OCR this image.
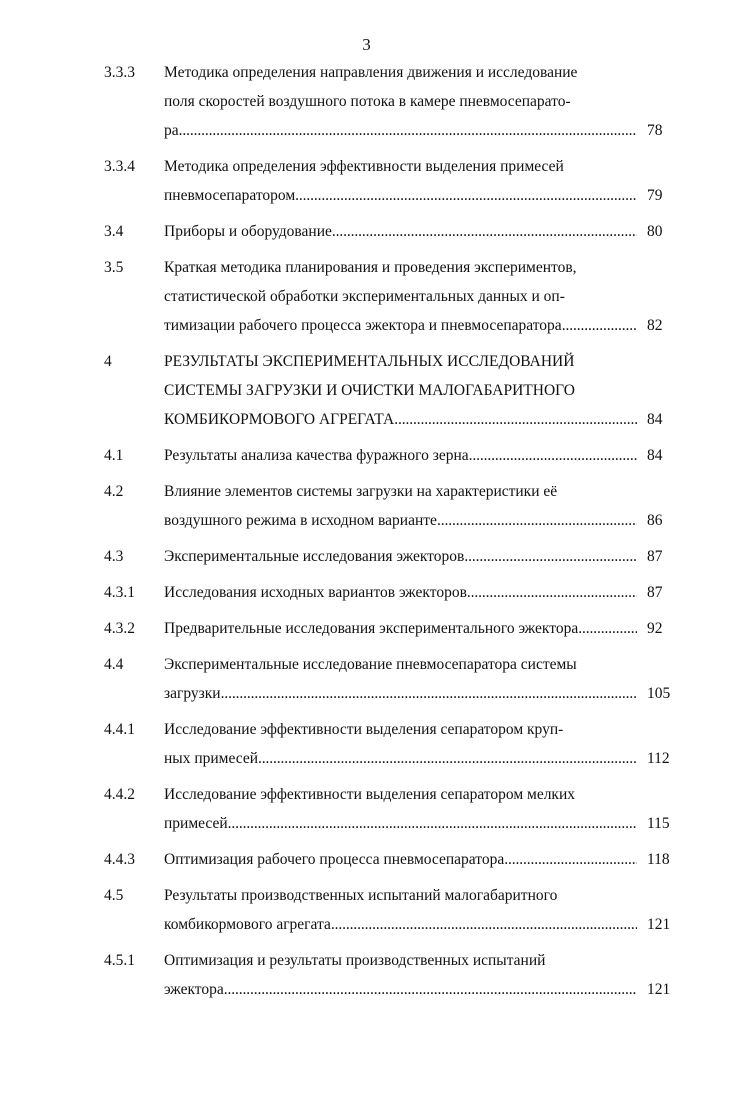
3
3.3.3	Методика определения направления движения и исследование
поля скоростей воздушного потока в камере пневмосепарато-
ра . . .	78
3.3.4	Методика определения эффективности выделения примесей
пневмосепаратором . . .	79
3.4	Приборы и оборудование . . .	80
3.5	Краткая методика планирования и проведения экспериментов,
статистической обработки экспериментальных данных и оп-
тимизации рабочего процесса эжектора и пневмосепаратора . . .	82
4	РЕЗУЛЬТАТЫ ЭКСПЕРИМЕНТАЛЬНЫХ ИССЛЕДОВАНИЙ
СИСТЕМЫ ЗАГРУЗКИ И ОЧИСТКИ МАЛОГАБАРИТНОГО
КОМБИКОРМОВОГО АГРЕГАТА . . .	84
4.1	Результаты анализа качества фуражного зерна . . .	84
4.2	Влияние элементов системы загрузки на характеристики её
воздушного режима в исходном варианте . . .	86
4.3	Экспериментальные исследования эжекторов . . .	87
4.3.1	Исследования исходных вариантов эжекторов . . .	87
4.3.2	Предварительные исследования экспериментального эжектора . . .	92
4.4	Экспериментальные исследование пневмосепаратора системы
загрузки . . .	105
4.4.1	Исследование эффективности выделения сепаратором круп-
ных примесей . . .	112
4.4.2	Исследование эффективности выделения сепаратором мелких
примесей . . .	115
4.4.3	Оптимизация рабочего процесса пневмосепаратора . . .	118
4.5	Результаты производственных испытаний малогабаритного
комбикормового агрегата . . .	121
4.5.1	Оптимизация и результаты производственных испытаний
эжектора . . .	121
